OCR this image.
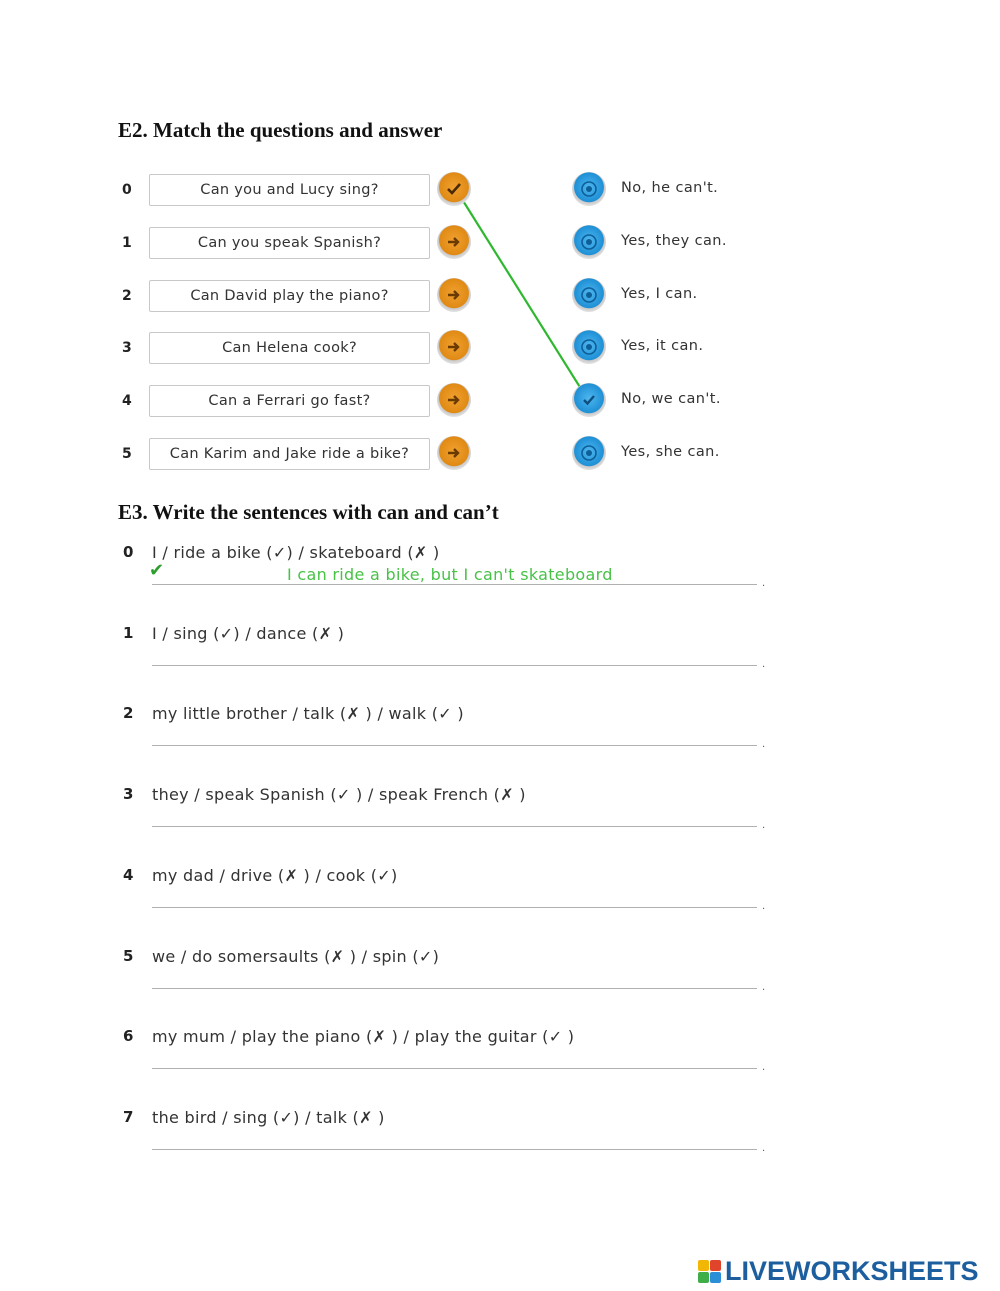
E2. Match the questions and answer
0	Can you and Lucy sing?	No, he can't.
1	Can you speak Spanish?	Yes, they can.
2	Can David play the piano?	Yes, I can.
3	Can Helena cook?	Yes, it can.
4	Can a Ferrari go fast?	No, we can't.
5	Can Karim and Jake ride a bike?	Yes, she can.
E3. Write the sentences with can and can’t
0 I / ride a bike (✓) / skateboard (✗ )
✔	I can ride a bike, but I can't skateboard	.
1 I / sing (✓) / dance (✗ )
.
2 my little brother / talk (✗ ) / walk (✓ )
.
3 they / speak Spanish (✓ ) / speak French (✗ )
.
4 my dad / drive (✗ ) / cook (✓)
.
5 we / do somersaults (✗ ) / spin (✓)
.
6 my mum / play the piano (✗ ) / play the guitar (✓ )
.
7 the bird / sing (✓) / talk (✗ )
.
LIVEWORKSHEETS
